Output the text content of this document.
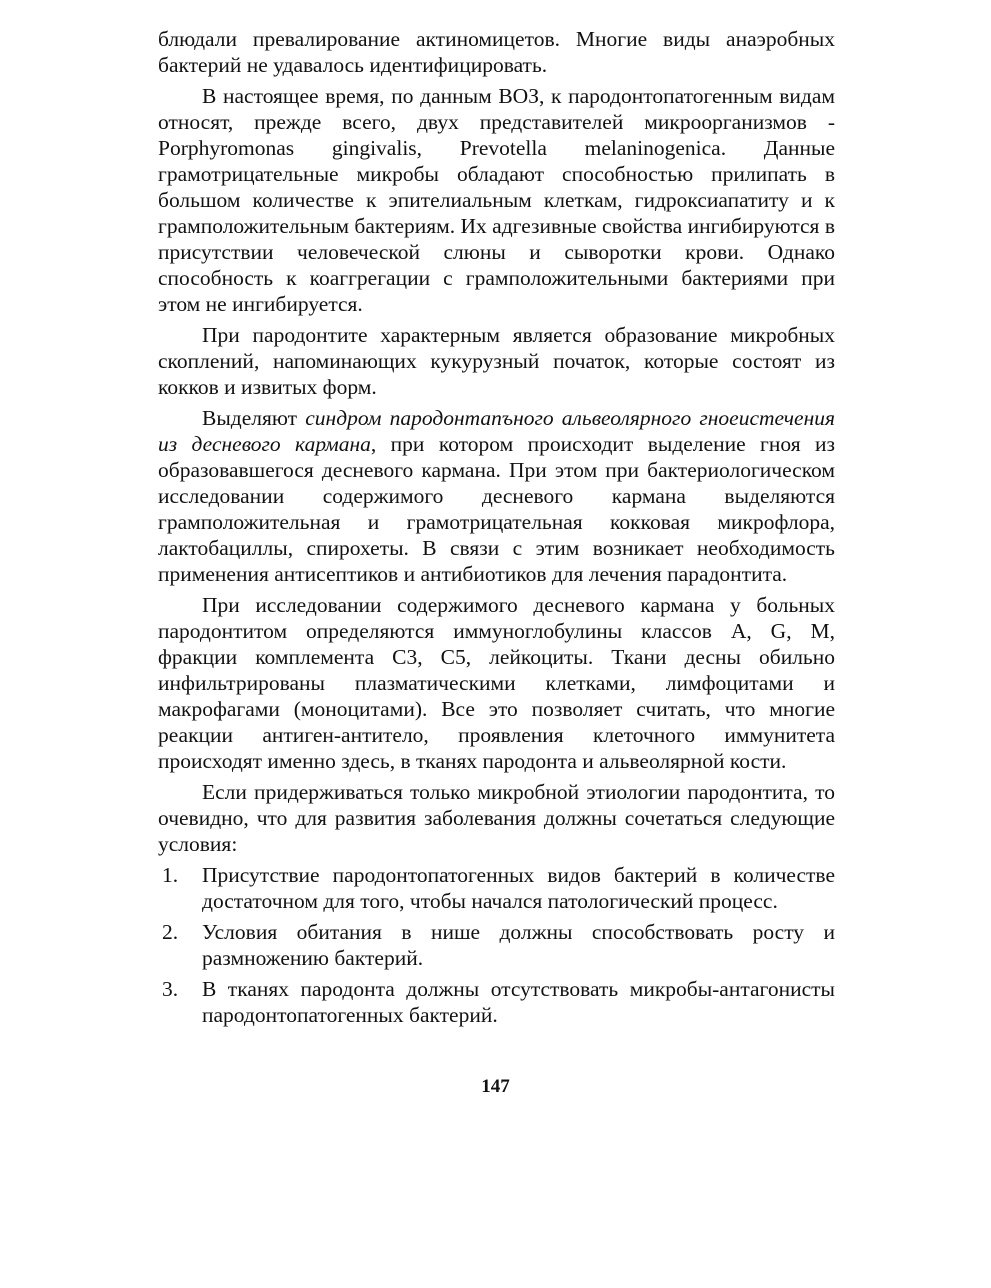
блюдали превалирование актиномицетов. Многие виды анаэробных бактерий не удавалось идентифицировать.

В настоящее время, по данным ВОЗ, к пародонтопатогенным видам относят, прежде всего, двух представителей микроорганизмов - Porphyromonas gingivalis, Prevotella melaninogenica. Данные грамотрицательные микробы обладают способностью прилипать в большом количестве к эпителиальным клеткам, гидроксиапатиту и к грамположительным бактериям. Их адгезивные свойства ингибируются в присутствии человеческой слюны и сыворотки крови. Однако способность к коаггрегации с грамположительными бактериями при этом не ингибируется.

При пародонтите характерным является образование микробных скоплений, напоминающих кукурузный початок, которые состоят из кокков и извитых форм.

Выделяют синдром пародонтапъного альвеолярного гноеистечения из десневого кармана, при котором происходит выделение гноя из образовавшегося десневого кармана. При этом при бактериологическом исследовании содержимого десневого кармана выделяются грамположительная и грамотрицательная кокковая микрофлора, лактобациллы, спирохеты. В связи с этим возникает необходимость применения антисептиков и антибиотиков для лечения парадонтита.

При исследовании содержимого десневого кармана у больных пародонтитом определяются иммуноглобулины классов A, G, M, фракции комплемента C3, C5, лейкоциты. Ткани десны обильно инфильтрированы плазматическими клетками, лимфоцитами и макрофагами (моноцитами). Все это позволяет считать, что многие реакции антиген-антитело, проявления клеточного иммунитета происходят именно здесь, в тканях пародонта и альвеолярной кости.

Если придерживаться только микробной этиологии пародонтита, то очевидно, что для развития заболевания должны сочетаться следующие условия:

1. Присутствие пародонтопатогенных видов бактерий в количестве достаточном для того, чтобы начался патологический процесс.
2. Условия обитания в нише должны способствовать росту и размножению бактерий.
3. В тканях пародонта должны отсутствовать микробы-антагонисты пародонтопатогенных бактерий.
147
